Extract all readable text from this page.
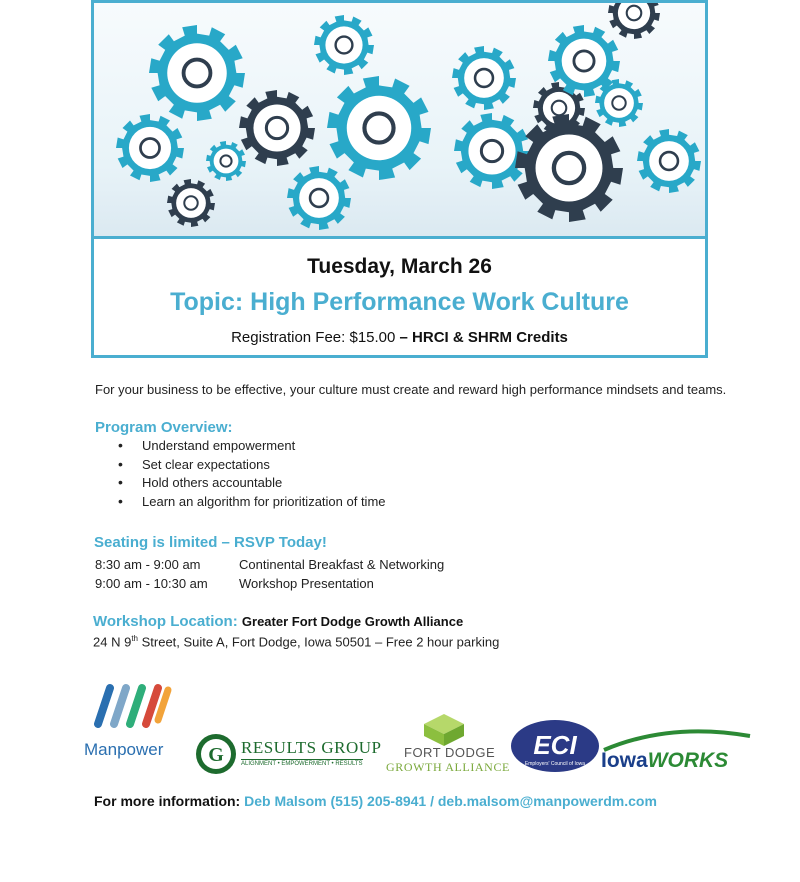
Tuesday, March 26
Topic: High Performance Work Culture
Registration Fee: $15.00 – HRCI & SHRM Credits
For your business to be effective, your culture must create and reward high performance mindsets and teams.
Program Overview:
• Understand empowerment
• Set clear expectations
• Hold others accountable
• Learn an algorithm for prioritization of time
Seating is limited – RSVP Today!
8:30 am - 9:00 am	Continental Breakfast & Networking
9:00 am - 10:30 am Workshop Presentation
Workshop Location: Greater Fort Dodge Growth Alliance
24 N 9th Street, Suite A, Fort Dodge, Iowa 50501 – Free 2 hour parking
Manpower G RESULTS GROUP
ALIGNMENT • EMPOWERMENT • RESULTS
FORT DODGE
GROWTH ALLIANCE
ECI
Employers' Council of Iowa IowaWORKS
For more information: Deb Malsom (515) 205-8941 / deb.malsom@manpowerdm.com
